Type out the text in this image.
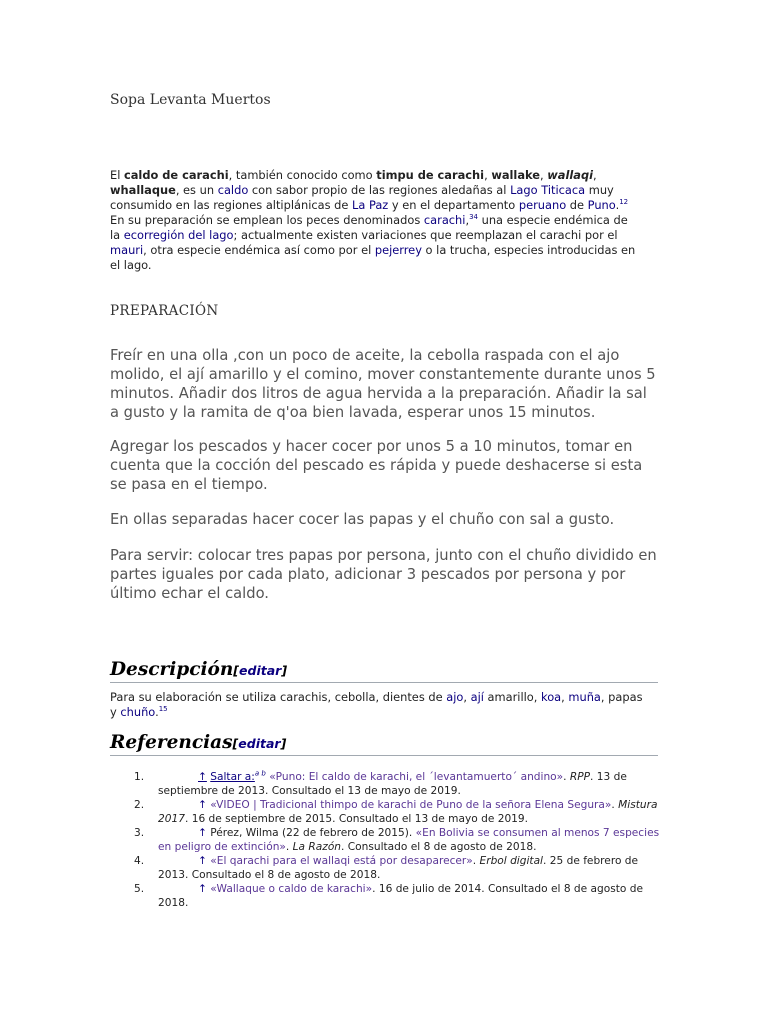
Sopa Levanta Muertos
El caldo de carachi, también conocido como timpu de carachi, wallake, wallaqi, whallaque, es un caldo con sabor propio de las regiones aledañas al Lago Titicaca muy consumido en las regiones altiplánicas de La Paz y en el departamento peruano de Puno.$^{12}$ En su preparación se emplean los peces denominados carachi,$^{34}$ una especie endémica de la ecorregión del lago; actualmente existen variaciones que reemplazan el carachi por el mauri, otra especie endémica así como por el pejerrey o la trucha, especies introducidas en el lago.
PREPARACIÓN
Freír en una olla ,con un poco de aceite, la cebolla raspada con el ajo molido, el ají amarillo y el comino, mover constantemente durante unos 5 minutos. Añadir dos litros de agua hervida a la preparación. Añadir la sal a gusto y la ramita de q'oa bien lavada, esperar unos 15 minutos.
Agregar los pescados y hacer cocer por unos 5 a 10 minutos, tomar en cuenta que la cocción del pescado es rápida y puede deshacerse si esta se pasa en el tiempo.
En ollas separadas hacer cocer las papas y el chuño con sal a gusto.
Para servir: colocar tres papas por persona, junto con el chuño dividido en partes iguales por cada plato, adicionar 3 pescados por persona y por último echar el caldo.
Descripción[editar]
Para su elaboración se utiliza carachis, cebolla, dientes de ajo, ají amarillo, koa, muña, papas y chuño.$^{15}$
Referencias[editar]
1.	↑ Saltar a:$^{a b}$ «Puno: El caldo de karachi, el ´levantamuerto´ andino». RPP. 13 de septiembre de 2013. Consultado el 13 de mayo de 2019.
2.	↑ «VIDEO | Tradicional thimpo de karachi de Puno de la señora Elena Segura». Mistura 2017. 16 de septiembre de 2015. Consultado el 13 de mayo de 2019.
3.	↑ Pérez, Wilma (22 de febrero de 2015). «En Bolivia se consumen al menos 7 especies en peligro de extinción». La Razón. Consultado el 8 de agosto de 2018.
4.	↑ «El qarachi para el wallaqi está por desaparecer». Erbol digital. 25 de febrero de 2013. Consultado el 8 de agosto de 2018.
5.	↑ «Wallaque o caldo de karachi». 16 de julio de 2014. Consultado el 8 de agosto de 2018.
